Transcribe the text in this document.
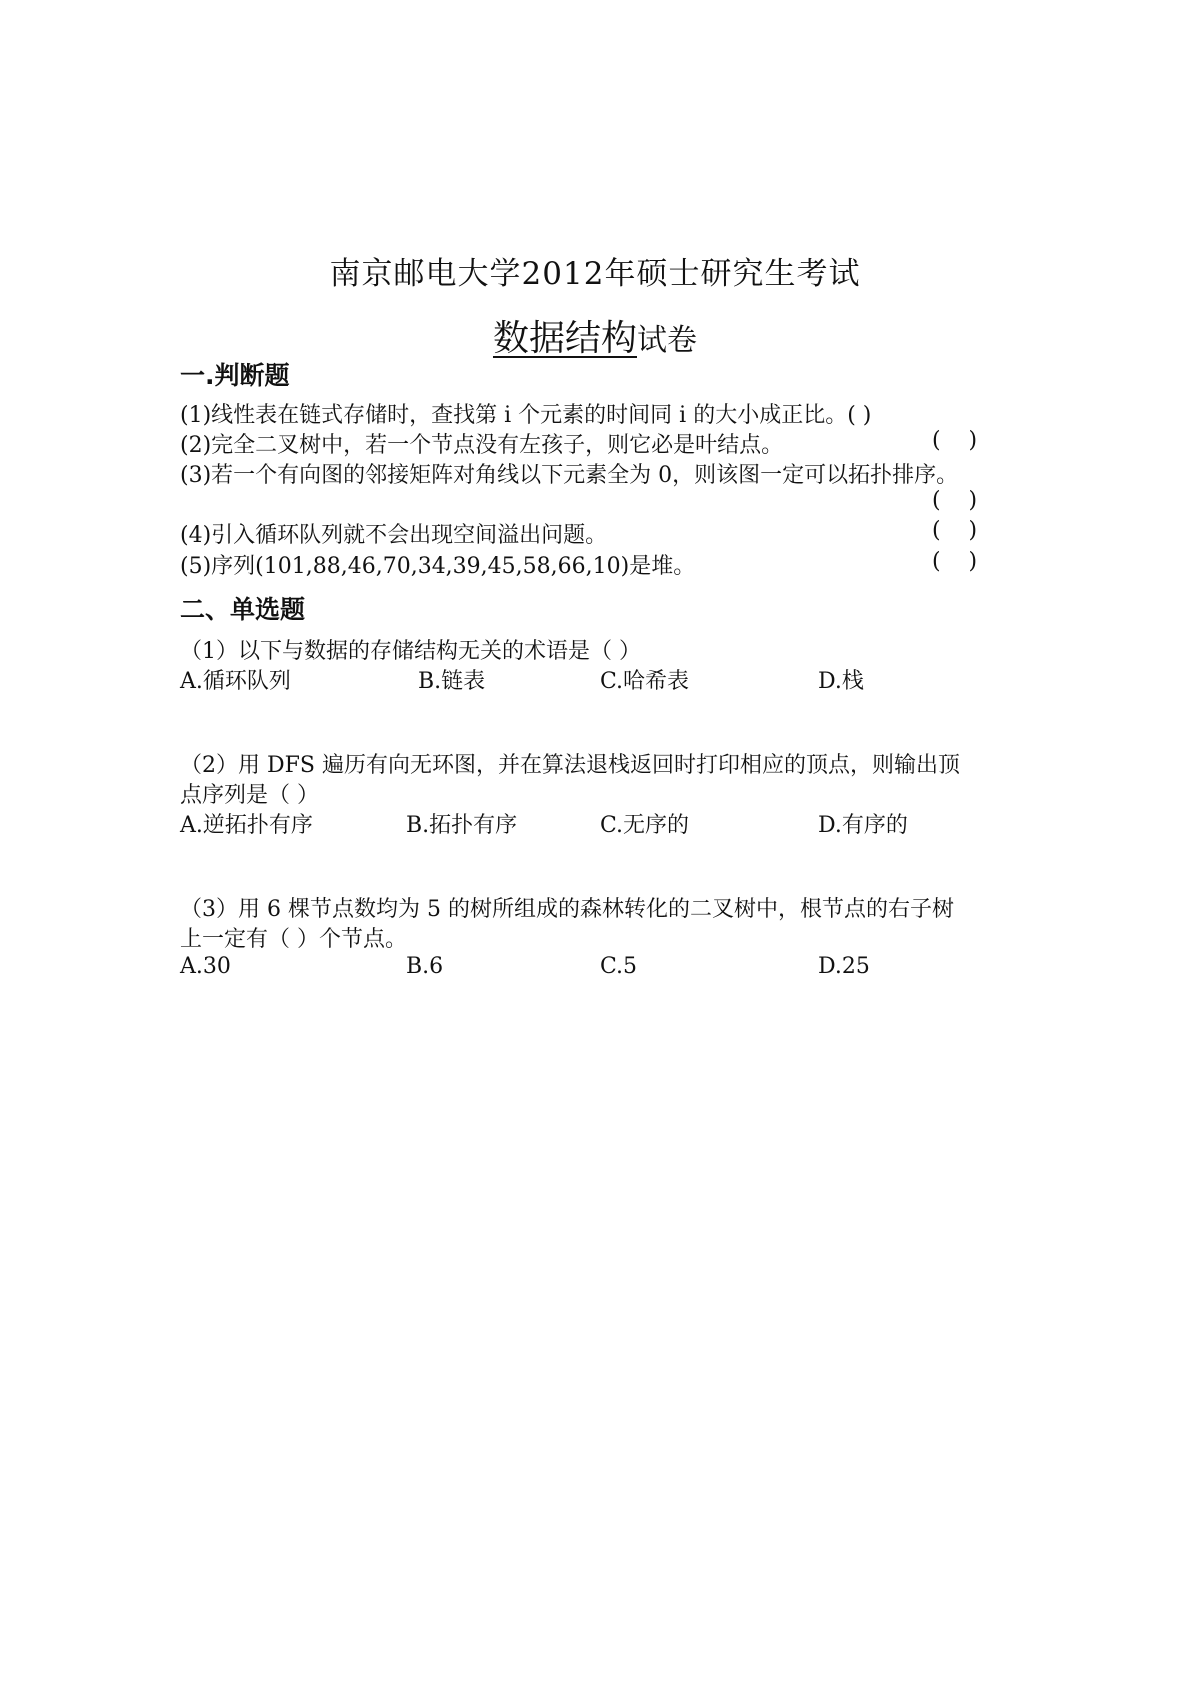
南京邮电大学2012年硕士研究生考试
数据结构试卷
一.判断题
(1)线性表在链式存储时，查找第 i 个元素的时间同 i 的大小成正比。( )
(2)完全二叉树中，若一个节点没有左孩子，则它必是叶结点。	(    )
(3)若一个有向图的邻接矩阵对角线以下元素全为 0，则该图一定可以拓扑排序。
(    )
(4)引入循环队列就不会出现空间溢出问题。	(    )
(5)序列(101,88,46,70,34,39,45,58,66,10)是堆。	(    )
二、单选题
（1）以下与数据的存储结构无关的术语是（ ）
A.循环队列	B.链表	C.哈希表	D.栈
（2）用 DFS 遍历有向无环图，并在算法退栈返回时打印相应的顶点，则输出顶
点序列是（ ）
A.逆拓扑有序	B.拓扑有序	C.无序的	D.有序的
（3）用 6 棵节点数均为 5 的树所组成的森林转化的二叉树中，根节点的右子树
上一定有（ ）个节点。
A.30	B.6	C.5	D.25
